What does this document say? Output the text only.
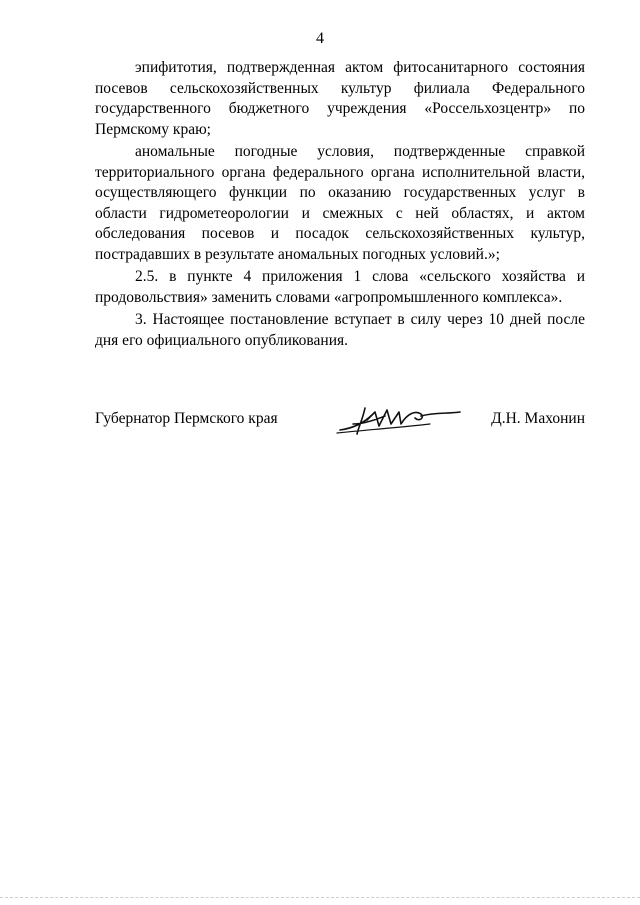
4

эпифитотия, подтвержденная актом фитосанитарного состояния посевов сельскохозяйственных культур филиала Федерального государственного бюджетного учреждения «Россельхозцентр» по Пермскому краю;

аномальные погодные условия, подтвержденные справкой территориального органа федерального органа исполнительной власти, осуществляющего функции по оказанию государственных услуг в области гидрометеорологии и смежных с ней областях, и актом обследования посевов и посадок сельскохозяйственных культур, пострадавших в результате аномальных погодных условий.»;

2.5. в пункте 4 приложения 1 слова «сельского хозяйства и продовольствия» заменить словами «агропромышленного комплекса».

3. Настоящее постановление вступает в силу через 10 дней после дня его официального опубликования.

Губернатор Пермского края	Д.Н. Махонин
